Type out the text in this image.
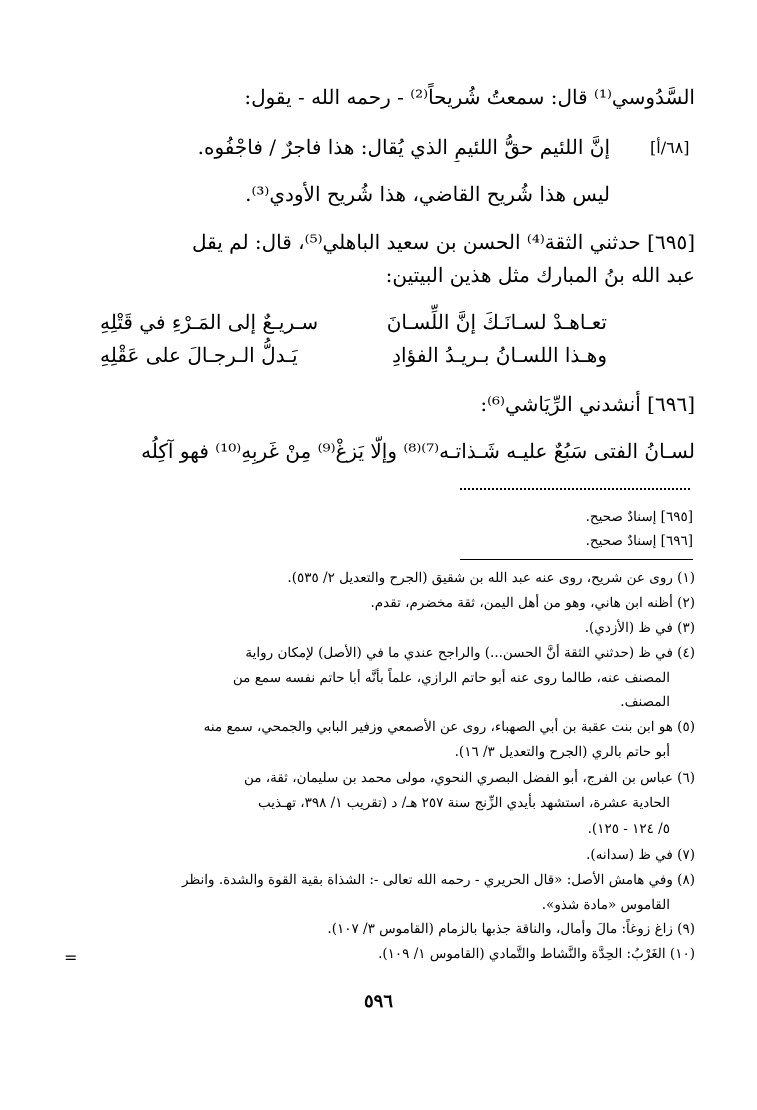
السَّدُوسي⁽¹⁾ قال: سمعتُ شُريحاً⁽²⁾ - رحمه الله - يقول:
[٦٨/أ]
إنَّ اللئيم حقُّ اللئيمِ الذي يُقال: هذا فاجرٌ / فاجْفُوه.
ليس هذا شُريح القاضي، هذا شُريح الأودي⁽³⁾.
[٦٩٥] حدثني الثقة⁽⁴⁾ الحسن بن سعيد الباهلي⁽⁵⁾، قال: لم يقل
عبد الله بنُ المبارك مثل هذين البيتين:
تعـاهـدْ لسـانَـكَ إنَّ اللِّسـانَ
سـريـعٌ إلى المَـرْءِ في قَتْلِهِ
وهـذا اللسـانُ بـريـدُ الفؤادِ
يَـدلُّ الـرجـالَ على عَقْلِهِ
[٦٩٦] أنشدني الرِّيَاشي⁽⁶⁾:
لسـانُ الفتى سَبُعٌ عليـه شَـذاتـه⁽⁷⁾⁽⁸⁾ وإلَّا يَزغْ⁽⁹⁾ مِنْ غَربِهِ⁽¹⁰⁾ فهو آكِلُه
[٦٩٥] إسنادٌ صحيح.
[٦٩٦] إسنادٌ صحيح.
(١) روى عن شريح، روى عنه عبد الله بن شقيق (الجرح والتعديل ٢/ ٥٣٥).
(٢) أظنه ابن هاني، وهو من أهل اليمن، ثقة مخضرم، تقدم.
(٣) في ظ (الأزدي).
(٤) في ظ (حدثني الثقة أنَّ الحسن...) والراجح عندي ما في (الأصل) لإمكان رواية
المصنف عنه، طالما روى عنه أبو حاتم الرازي، علماً بأنَّه أبا حاتم نفسه سمع من
المصنف.
(٥) هو ابن بنت عقبة بن أبي الصهباء، روى عن الأصمعي وزفير البابي والجمحي، سمع منه
أبو حاتم بالري (الجرح والتعديل ٣/ ١٦).
(٦) عباس بن الفرج، أبو الفضل البصري النحوي، مولى محمد بن سليمان، ثقة، من
الحادية عشرة، استشهد بأيدي الزِّنج سنة ٢٥٧ هـ/ د (تقريب ١/ ٣٩٨، تهـذيب
٥/ ١٢٤ - ١٢٥).
(٧) في ظ (سدانه).
(٨) وفي هامش الأصل: «قال الحريري - رحمه الله تعالى -: الشذاة بقية القوة والشدة. وانظر
القاموس «مادة شذو».
(٩) زاغ زوغاً: مالَ وأمال، والناقة جذبها بالزمام (القاموس ٣/ ١٠٧).
(١٠) الغَرْبُ: الحِدَّة والنَّشاط والتَّمادي (القاموس ١/ ١٠٩).
=
٥٩٦
